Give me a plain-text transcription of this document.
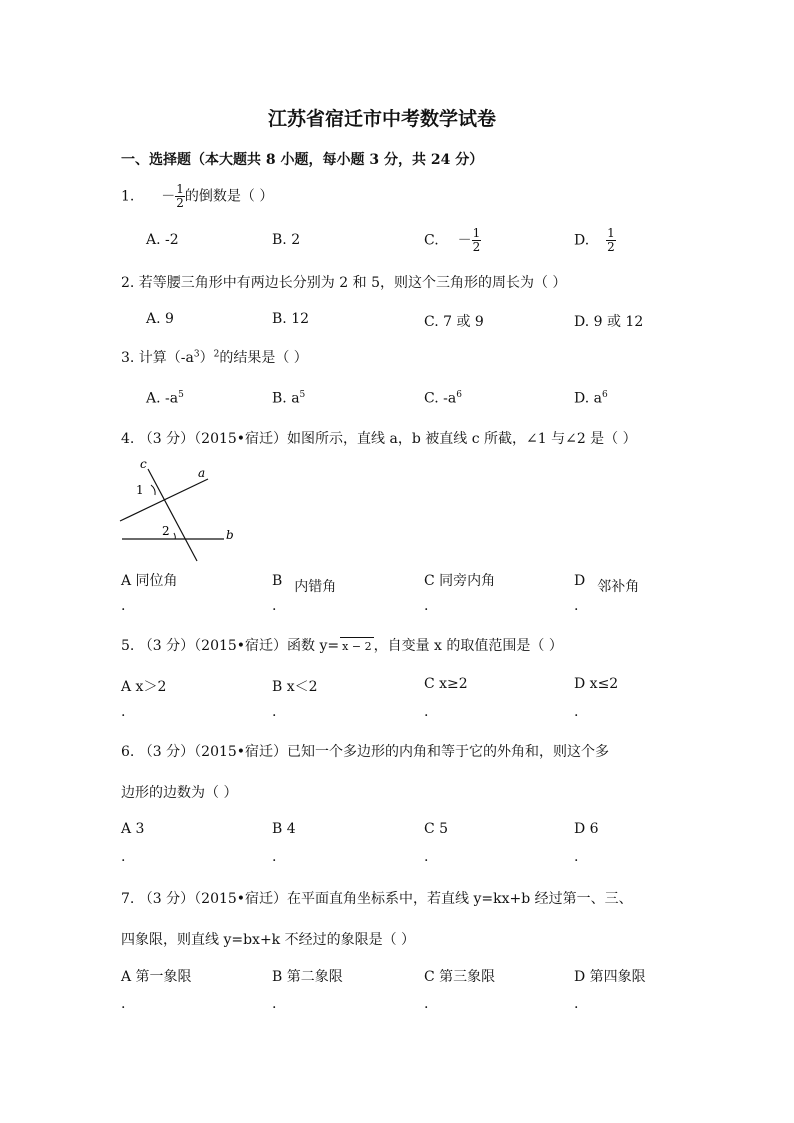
江苏省宿迁市中考数学试卷
一、选择题（本大题共 8 小题，每小题 3 分，共 24 分）
1. － $\frac{1}{2}$ 的倒数是（ ）
A. -2	B. 2	C. － $\frac{1}{2}$	D. $\frac{1}{2}$
2. 若等腰三角形中有两边长分别为 2 和 5，则这个三角形的周长为（ ）
A. 9	B. 12	C. 7 或 9	D. 9 或 12
3. 计算$(-a^3)^2$的结果是（ ）
A. $-a^5$	B. $a^5$	C. $-a^6$	D. $a^6$
4. （3 分）（2015•宿迁）如图所示，直线 a，b 被直线 c 所截，∠1 与∠2 是（ ）
c
a
b
1
2
A 同位角	B 内错角	C 同旁内角	D 邻补角
.	.	.	.
5. （3 分）（2015•宿迁）函数 y= x − 2 ，自变量 x 的取值范围是（ ）
A x＞2	B x＜2	C x≥2	D x≤2
.	.	.	.
6. （3 分）（2015•宿迁）已知一个多边形的内角和等于它的外角和，则这个多
边形的边数为（ ）
A 3	B 4	C 5	D 6
.	.	.	.
7. （3 分）（2015•宿迁）在平面直角坐标系中，若直线 y=kx+b 经过第一、三、
四象限，则直线 y=bx+k 不经过的象限是（ ）
A 第一象限	B 第二象限	C 第三象限	D 第四象限
.	.	.	.
